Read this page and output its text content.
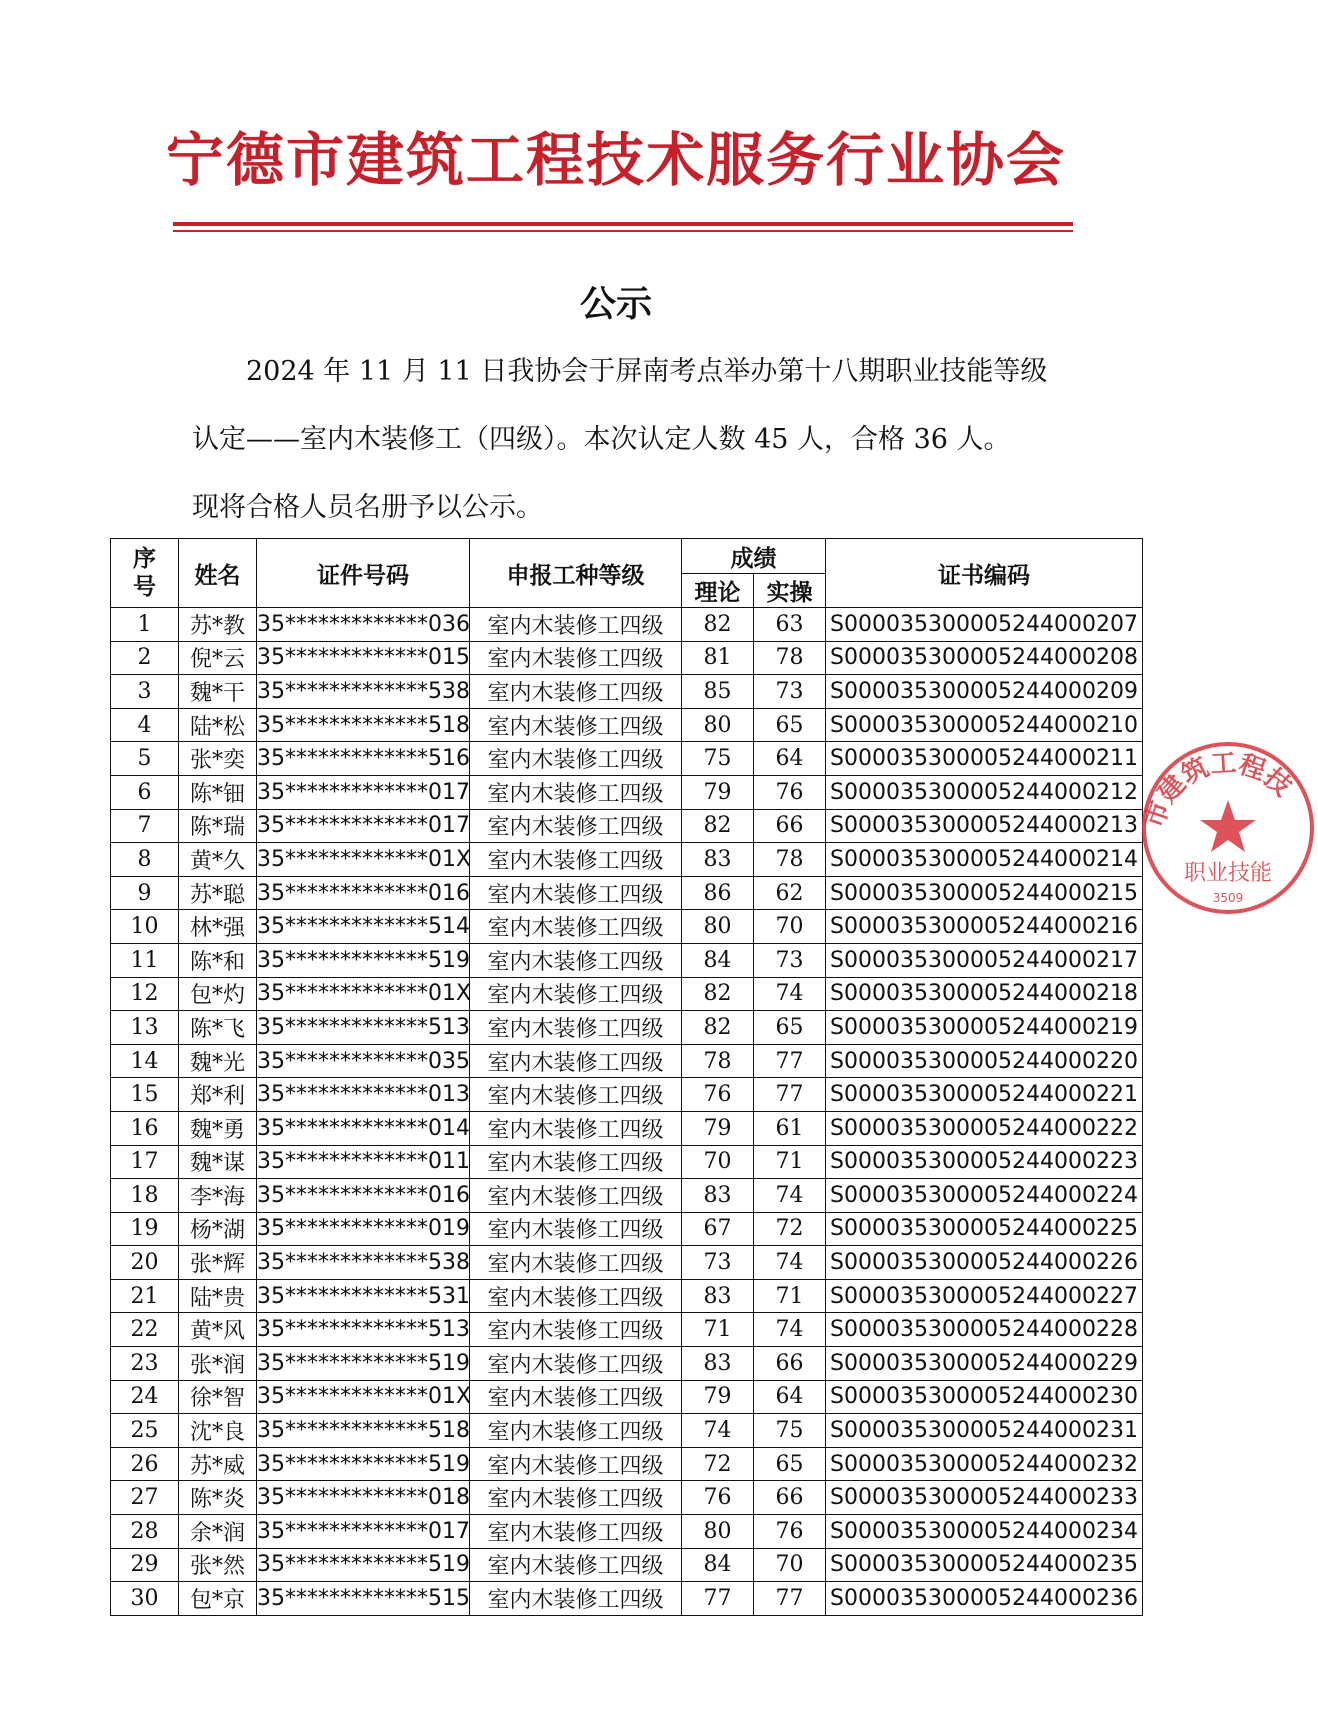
宁德市建筑工程技术服务行业协会
公示
2024 年 11 月 11 日我协会于屏南考点举办第十八期职业技能等级
认定——室内木装修工（四级）。本次认定人数 45 人，合格 36 人。
现将合格人员名册予以公示。
序
号	姓名	证件号码	申报工种等级	成绩		证书编码
				理论	实操	
1	苏*教	35*************036	室内木装修工四级	82	63	S000035300005244000207
2	倪*云	35*************015	室内木装修工四级	81	78	S000035300005244000208
3	魏*干	35*************538	室内木装修工四级	85	73	S000035300005244000209
4	陆*松	35*************518	室内木装修工四级	80	65	S000035300005244000210
5	张*奕	35*************516	室内木装修工四级	75	64	S000035300005244000211
6	陈*钿	35*************017	室内木装修工四级	79	76	S000035300005244000212
7	陈*瑞	35*************017	室内木装修工四级	82	66	S000035300005244000213
8	黄*久	35*************01X	室内木装修工四级	83	78	S000035300005244000214
9	苏*聪	35*************016	室内木装修工四级	86	62	S000035300005244000215
10	林*强	35*************514	室内木装修工四级	80	70	S000035300005244000216
11	陈*和	35*************519	室内木装修工四级	84	73	S000035300005244000217
12	包*灼	35*************01X	室内木装修工四级	82	74	S000035300005244000218
13	陈*飞	35*************513	室内木装修工四级	82	65	S000035300005244000219
14	魏*光	35*************035	室内木装修工四级	78	77	S000035300005244000220
15	郑*利	35*************013	室内木装修工四级	76	77	S000035300005244000221
16	魏*勇	35*************014	室内木装修工四级	79	61	S000035300005244000222
17	魏*谋	35*************011	室内木装修工四级	70	71	S000035300005244000223
18	李*海	35*************016	室内木装修工四级	83	74	S000035300005244000224
19	杨*湖	35*************019	室内木装修工四级	67	72	S000035300005244000225
20	张*辉	35*************538	室内木装修工四级	73	74	S000035300005244000226
21	陆*贵	35*************531	室内木装修工四级	83	71	S000035300005244000227
22	黄*风	35*************513	室内木装修工四级	71	74	S000035300005244000228
23	张*润	35*************519	室内木装修工四级	83	66	S000035300005244000229
24	徐*智	35*************01X	室内木装修工四级	79	64	S000035300005244000230
25	沈*良	35*************518	室内木装修工四级	74	75	S000035300005244000231
26	苏*威	35*************519	室内木装修工四级	72	65	S000035300005244000232
27	陈*炎	35*************018	室内木装修工四级	76	66	S000035300005244000233
28	余*润	35*************017	室内木装修工四级	80	76	S000035300005244000234
29	张*然	35*************519	室内木装修工四级	84	70	S000035300005244000235
30	包*京	35*************515	室内木装修工四级	77	77	S000035300005244000236
市建筑工程技
职业技能
3509
